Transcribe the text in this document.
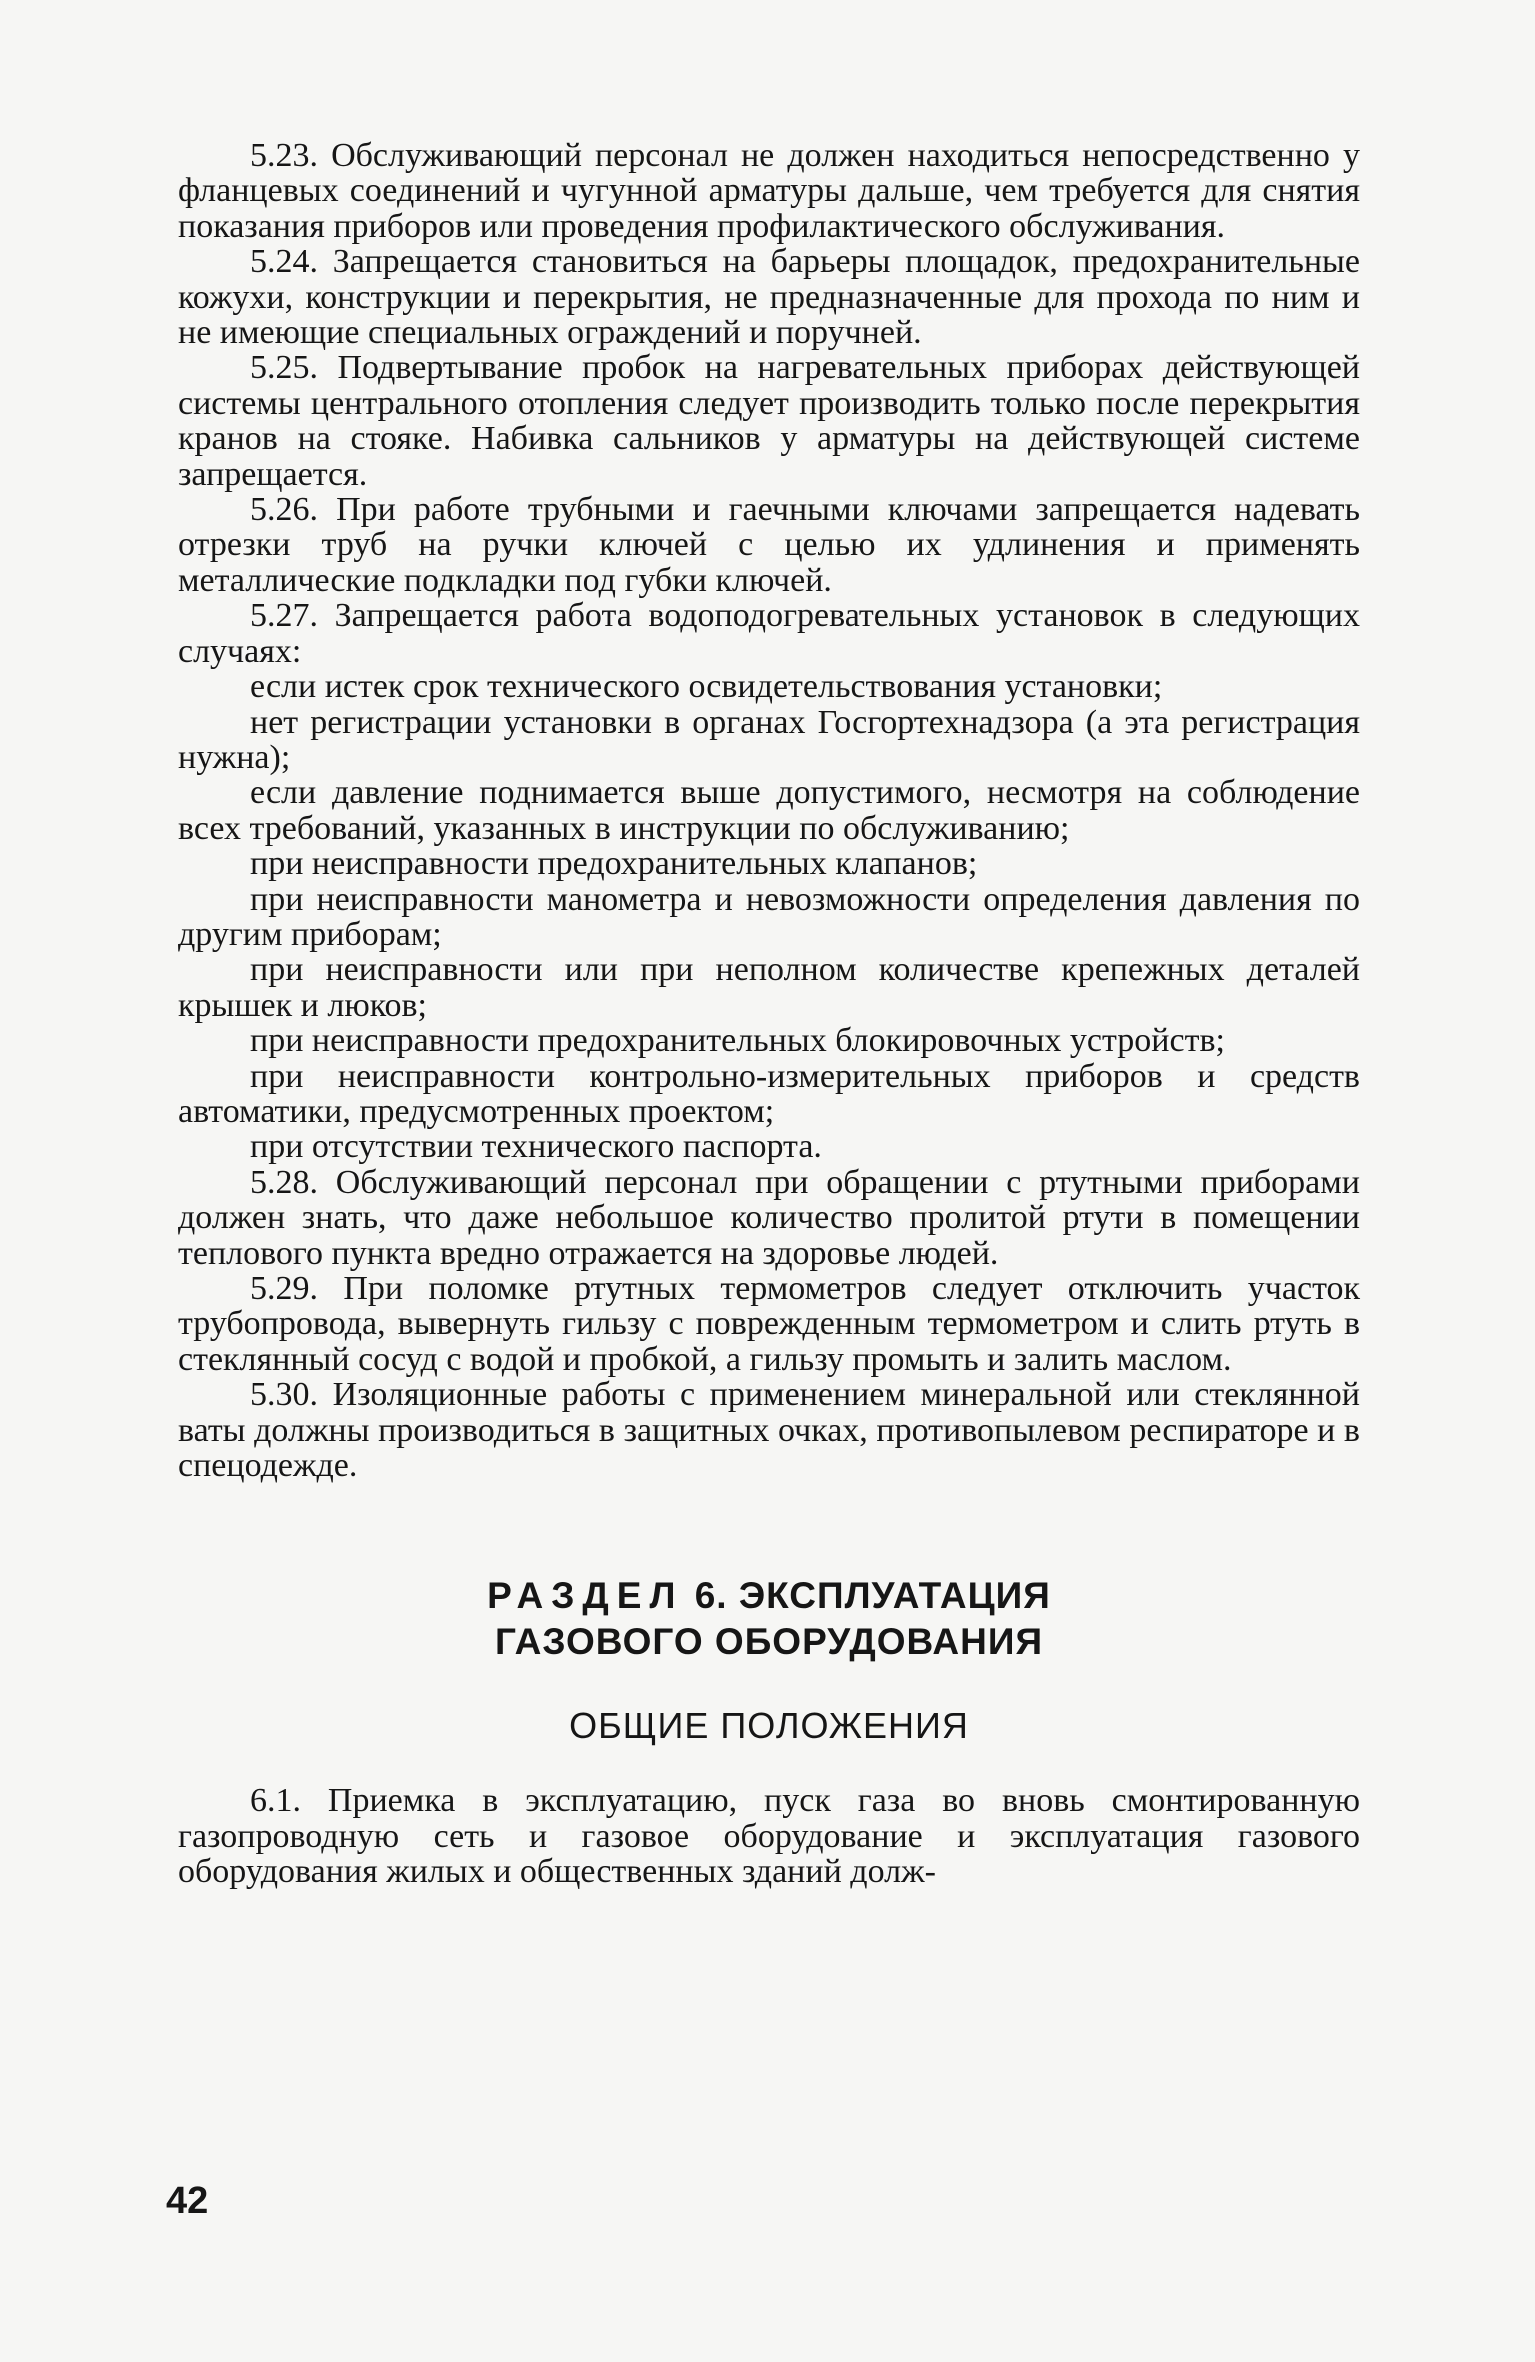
5.23. Обслуживающий персонал не должен находиться непосредственно у фланцевых соединений и чугунной арматуры дальше, чем требуется для снятия показания приборов или проведения профилактического обслуживания.

5.24. Запрещается становиться на барьеры площадок, предохранительные кожухи, конструкции и перекрытия, не предназначенные для прохода по ним и не имеющие специальных ограждений и поручней.

5.25. Подвертывание пробок на нагревательных приборах действующей системы центрального отопления следует производить только после перекрытия кранов на стояке. Набивка сальников у арматуры на действующей системе запрещается.

5.26. При работе трубными и гаечными ключами запрещается надевать отрезки труб на ручки ключей с целью их удлинения и применять металлические подкладки под губки ключей.

5.27. Запрещается работа водоподогревательных установок в следующих случаях:

если истек срок технического освидетельствования установки;

нет регистрации установки в органах Госгортехнадзора (а эта регистрация нужна);

если давление поднимается выше допустимого, несмотря на соблюдение всех требований, указанных в инструкции по обслуживанию;

при неисправности предохранительных клапанов;

при неисправности манометра и невозможности определения давления по другим приборам;

при неисправности или при неполном количестве крепежных деталей крышек и люков;

при неисправности предохранительных блокировочных устройств;

при неисправности контрольно-измерительных приборов и средств автоматики, предусмотренных проектом;

при отсутствии технического паспорта.

5.28. Обслуживающий персонал при обращении с ртутными приборами должен знать, что даже небольшое количество пролитой ртути в помещении теплового пункта вредно отражается на здоровье людей.

5.29. При поломке ртутных термометров следует отключить участок трубопровода, вывернуть гильзу с поврежденным термометром и слить ртуть в стеклянный сосуд с водой и пробкой, а гильзу промыть и залить маслом.

5.30. Изоляционные работы с применением минеральной или стеклянной ваты должны производиться в защитных очках, противопылевом респираторе и в спецодежде.

РАЗДЕЛ 6. ЭКСПЛУАТАЦИЯ

ГАЗОВОГО ОБОРУДОВАНИЯ

ОБЩИЕ ПОЛОЖЕНИЯ

6.1. Приемка в эксплуатацию, пуск газа во вновь смонтированную газопроводную сеть и газовое оборудование и эксплуатация газового оборудования жилых и общественных зданий долж-

42
